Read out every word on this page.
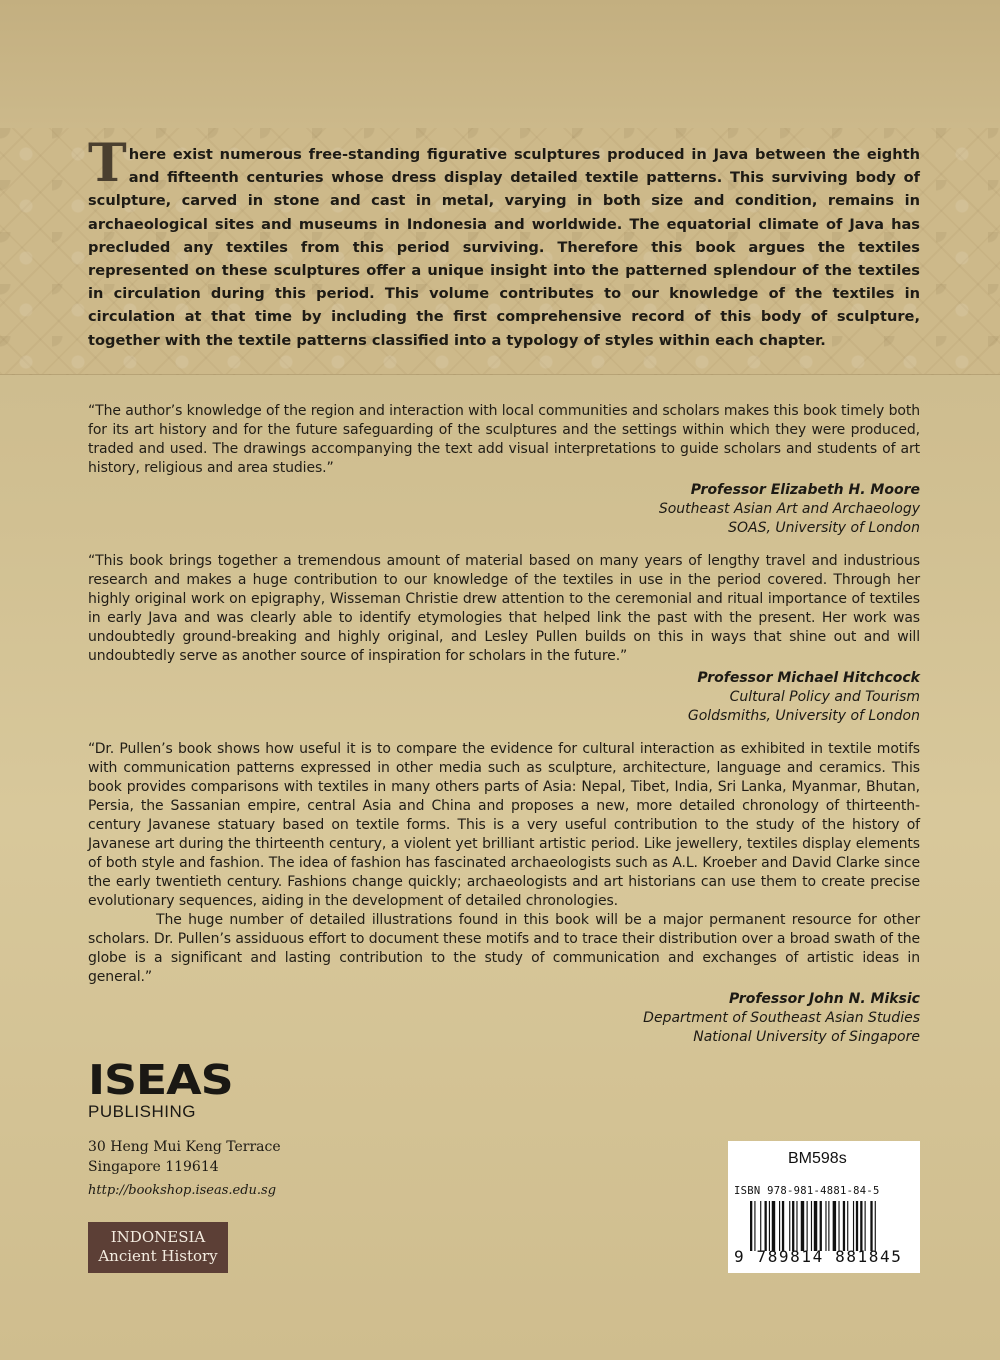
There exist numerous free-standing figurative sculptures produced in Java between the eighth and fifteenth centuries whose dress display detailed textile patterns. This surviving body of sculpture, carved in stone and cast in metal, varying in both size and condition, remains in archaeological sites and museums in Indonesia and worldwide. The equatorial climate of Java has precluded any textiles from this period surviving. Therefore this book argues the textiles represented on these sculptures offer a unique insight into the patterned splendour of the textiles in circulation during this period. This volume contributes to our knowledge of the textiles in circulation at that time by including the first comprehensive record of this body of sculpture, together with the textile patterns classified into a typology of styles within each chapter.

“The author’s knowledge of the region and interaction with local communities and scholars makes this book timely both for its art history and for the future safeguarding of the sculptures and the settings within which they were produced, traded and used. The drawings accompanying the text add visual interpretations to guide scholars and students of art history, religious and area studies.”

Professor Elizabeth H. Moore
Southeast Asian Art and Archaeology
SOAS, University of London

“This book brings together a tremendous amount of material based on many years of lengthy travel and industrious research and makes a huge contribution to our knowledge of the textiles in use in the period covered. Through her highly original work on epigraphy, Wisseman Christie drew attention to the ceremonial and ritual importance of textiles in early Java and was clearly able to identify etymologies that helped link the past with the present. Her work was undoubtedly ground-breaking and highly original, and Lesley Pullen builds on this in ways that shine out and will undoubtedly serve as another source of inspiration for scholars in the future.”

Professor Michael Hitchcock
Cultural Policy and Tourism
Goldsmiths, University of London

“Dr. Pullen’s book shows how useful it is to compare the evidence for cultural interaction as exhibited in textile motifs with communication patterns expressed in other media such as sculpture, architecture, language and ceramics. This book provides comparisons with textiles in many others parts of Asia: Nepal, Tibet, India, Sri Lanka, Myanmar, Bhutan, Persia, the Sassanian empire, central Asia and China and proposes a new, more detailed chronology of thirteenth-century Javanese statuary based on textile forms. This is a very useful contribution to the study of the history of Javanese art during the thirteenth century, a violent yet brilliant artistic period. Like jewellery, textiles display elements of both style and fashion. The idea of fashion has fascinated archaeologists such as A.L. Kroeber and David Clarke since the early twentieth century. Fashions change quickly; archaeologists and art historians can use them to create precise evolutionary sequences, aiding in the development of detailed chronologies.

The huge number of detailed illustrations found in this book will be a major permanent resource for other scholars. Dr. Pullen’s assiduous effort to document these motifs and to trace their distribution over a broad swath of the globe is a significant and lasting contribution to the study of communication and exchanges of artistic ideas in general.”

Professor John N. Miksic
Department of Southeast Asian Studies
National University of Singapore
ISEAS
PUBLISHING
30 Heng Mui Keng Terrace
Singapore 119614
http://bookshop.iseas.edu.sg
INDONESIA
Ancient History
BM598s
ISBN 978-981-4881-84-5
9 789814 881845
